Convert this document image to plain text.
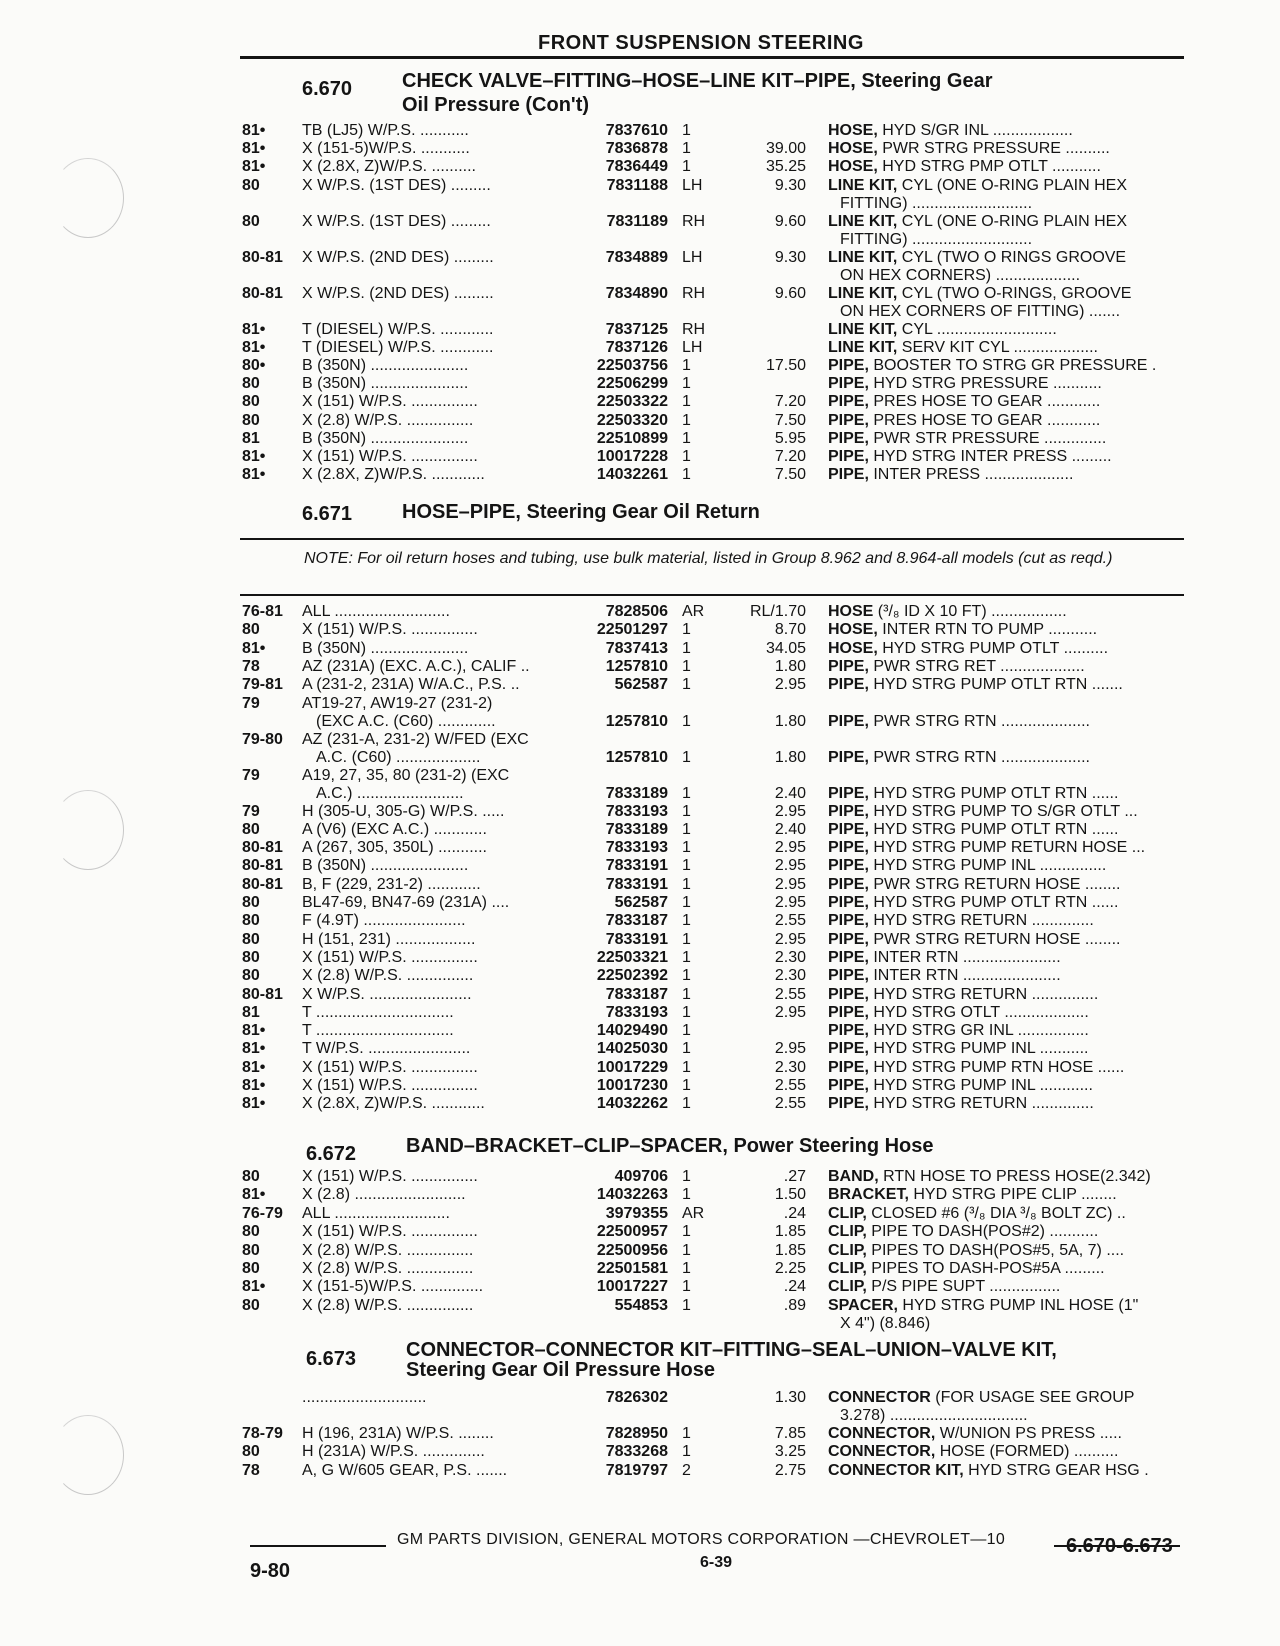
FRONT SUSPENSION STEERING
6.670 CHECK VALVE–FITTING–HOSE–LINE KIT–PIPE, Steering Gear
Oil Pressure (Con't)
81• TB (LJ5) W/P.S. ...........	7837610 1	HOSE, HYD S/GR INL ..................
81• X (151-5)W/P.S. ...........	7836878 1	39.00 HOSE, PWR STRG PRESSURE ..........
81• X (2.8X, Z)W/P.S. ..........	7836449 1	35.25 HOSE, HYD STRG PMP OTLT ...........
80	X W/P.S. (1ST DES) .........	7831188 LH	9.30 LINE KIT, CYL (ONE O-RING PLAIN HEX
FITTING) ...........................
80	X W/P.S. (1ST DES) .........	7831189 RH	9.60 LINE KIT, CYL (ONE O-RING PLAIN HEX
FITTING) ...........................
80-81 X W/P.S. (2ND DES) .........	7834889 LH	9.30 LINE KIT, CYL (TWO O RINGS GROOVE
ON HEX CORNERS) ...................
80-81 X W/P.S. (2ND DES) .........	7834890 RH	9.60 LINE KIT, CYL (TWO O-RINGS, GROOVE
ON HEX CORNERS OF FITTING) .......
81• T (DIESEL) W/P.S. ............	7837125 RH	LINE KIT, CYL ...........................
81• T (DIESEL) W/P.S. ............	7837126 LH	LINE KIT, SERV KIT CYL ...................
80• B (350N) ......................	22503756 1	17.50 PIPE, BOOSTER TO STRG GR PRESSURE .
80	B (350N) ......................	22506299 1	PIPE, HYD STRG PRESSURE ...........
80	X (151) W/P.S. ...............	22503322 1	7.20 PIPE, PRES HOSE TO GEAR ............
80	X (2.8) W/P.S. ...............	22503320 1	7.50 PIPE, PRES HOSE TO GEAR ............
81	B (350N) ......................	22510899 1	5.95 PIPE, PWR STR PRESSURE ..............
81• X (151) W/P.S. ...............	10017228 1	7.20 PIPE, HYD STRG INTER PRESS .........
81• X (2.8X, Z)W/P.S. ............	14032261 1	7.50 PIPE, INTER PRESS ....................
6.671 HOSE–PIPE, Steering Gear Oil Return
NOTE: For oil return hoses and tubing, use bulk material, listed in Group 8.962 and 8.964-all models (cut as reqd.)
76-81 ALL ..........................	7828506 AR	RL/1.70 HOSE (³/₈ ID X 10 FT) .................
80	X (151) W/P.S. ...............	22501297 1	8.70 HOSE, INTER RTN TO PUMP ...........
81• B (350N) ......................	7837413 1	34.05 HOSE, HYD STRG PUMP OTLT ..........
78	AZ (231A) (EXC. A.C.), CALIF ..	1257810 1	1.80 PIPE, PWR STRG RET ...................
79-81 A (231-2, 231A) W/A.C., P.S. ..	562587 1	2.95 PIPE, HYD STRG PUMP OTLT RTN .......
79	AT19-27, AW19-27 (231-2)
(EXC A.C. (C60) .............	1257810 1	1.80 PIPE, PWR STRG RTN ....................
79-80 AZ (231-A, 231-2) W/FED (EXC
A.C. (C60) ...................	1257810 1	1.80 PIPE, PWR STRG RTN ....................
79	A19, 27, 35, 80 (231-2) (EXC
A.C.) ........................	7833189 1	2.40 PIPE, HYD STRG PUMP OTLT RTN ......
79	H (305-U, 305-G) W/P.S. .....	7833193 1	2.95 PIPE, HYD STRG PUMP TO S/GR OTLT ...
80	A (V6) (EXC A.C.) ............	7833189 1	2.40 PIPE, HYD STRG PUMP OTLT RTN ......
80-81 A (267, 305, 350L) ...........	7833193 1	2.95 PIPE, HYD STRG PUMP RETURN HOSE ...
80-81 B (350N) ......................	7833191 1	2.95 PIPE, HYD STRG PUMP INL ...............
80-81 B, F (229, 231-2) ............	7833191 1	2.95 PIPE, PWR STRG RETURN HOSE ........
80	BL47-69, BN47-69 (231A) ....	562587 1	2.95 PIPE, HYD STRG PUMP OTLT RTN ......
80	F (4.9T) .......................	7833187 1	2.55 PIPE, HYD STRG RETURN ..............
80	H (151, 231) ..................	7833191 1	2.95 PIPE, PWR STRG RETURN HOSE ........
80	X (151) W/P.S. ...............	22503321 1	2.30 PIPE, INTER RTN ......................
80	X (2.8) W/P.S. ...............	22502392 1	2.30 PIPE, INTER RTN ......................
80-81 X W/P.S. .......................	7833187 1	2.55 PIPE, HYD STRG RETURN ...............
81	T ...............................	7833193 1	2.95 PIPE, HYD STRG OTLT ...................
81• T ...............................	14029490 1	PIPE, HYD STRG GR INL ................
81• T W/P.S. .......................	14025030 1	2.95 PIPE, HYD STRG PUMP INL ...........
81• X (151) W/P.S. ...............	10017229 1	2.30 PIPE, HYD STRG PUMP RTN HOSE ......
81• X (151) W/P.S. ...............	10017230 1	2.55 PIPE, HYD STRG PUMP INL ............
81• X (2.8X, Z)W/P.S. ............	14032262 1	2.55 PIPE, HYD STRG RETURN ..............
6.672 BAND–BRACKET–CLIP–SPACER, Power Steering Hose
80	X (151) W/P.S. ...............	409706 1	.27 BAND, RTN HOSE TO PRESS HOSE(2.342)
81• X (2.8) .........................	14032263 1	1.50 BRACKET, HYD STRG PIPE CLIP ........
76-79 ALL ..........................	3979355 AR	.24 CLIP, CLOSED #6 (³/₈ DIA ³/₈ BOLT ZC) ..
80	X (151) W/P.S. ...............	22500957 1	1.85 CLIP, PIPE TO DASH(POS#2) ...........
80	X (2.8) W/P.S. ...............	22500956 1	1.85 CLIP, PIPES TO DASH(POS#5, 5A, 7) ....
80	X (2.8) W/P.S. ...............	22501581 1	2.25 CLIP, PIPES TO DASH-POS#5A .........
81• X (151-5)W/P.S. ..............	10017227 1	.24 CLIP, P/S PIPE SUPT ................
80	X (2.8) W/P.S. ...............	554853 1	.89 SPACER, HYD STRG PUMP INL HOSE (1"
X 4") (8.846)
6.673 CONNECTOR–CONNECTOR KIT–FITTING–SEAL–UNION–VALVE KIT,
Steering Gear Oil Pressure Hose
............................	7826302	1.30 CONNECTOR (FOR USAGE SEE GROUP
3.278) ...............................
78-79 H (196, 231A) W/P.S. ........	7828950 1	7.85 CONNECTOR, W/UNION PS PRESS .....
80	H (231A) W/P.S. ..............	7833268 1	3.25 CONNECTOR, HOSE (FORMED) ..........
78	A, G W/605 GEAR, P.S. .......	7819797 2	2.75 CONNECTOR KIT, HYD STRG GEAR HSG .
GM PARTS DIVISION, GENERAL MOTORS CORPORATION —CHEVROLET—10
9-80	6-39
6.670-6.673
